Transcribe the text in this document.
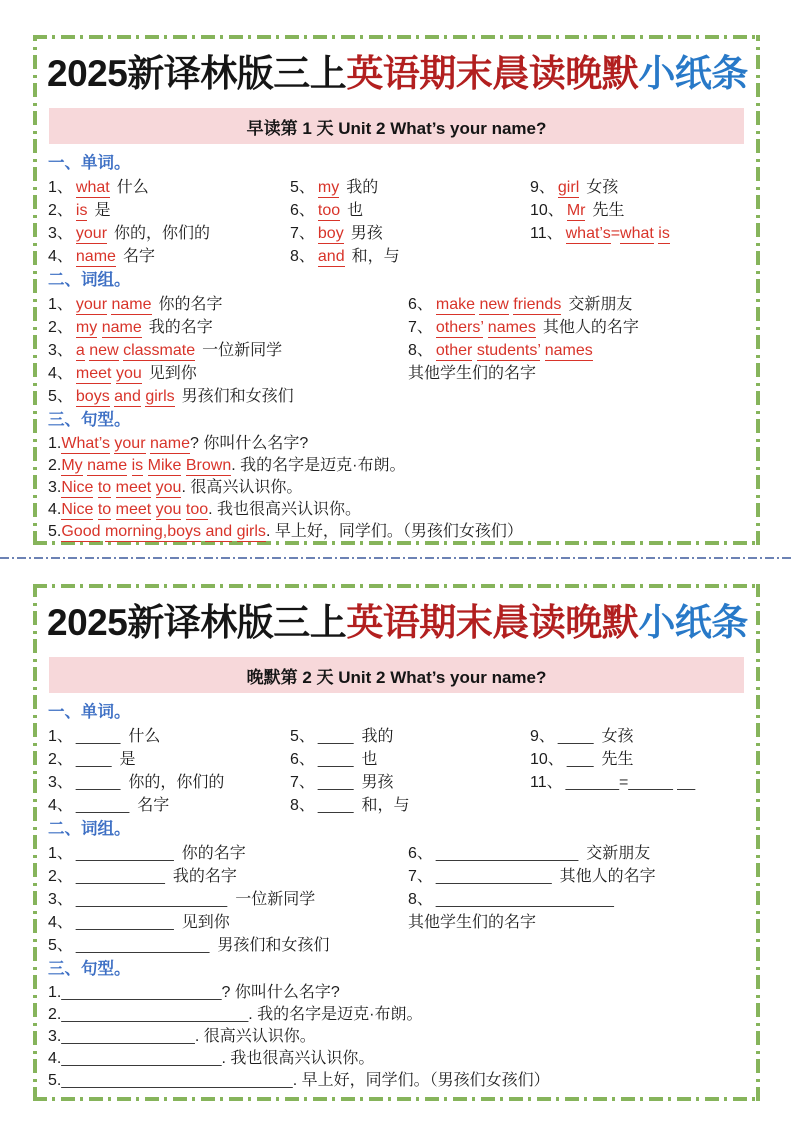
2025新译林版三上英语期末晨读晚默小纸条
早读第 1 天 Unit 2 What’s your name?
一、单词。
1、 what 什么
2、 is 是
3、 your 你的，你们的
4、 name 名字
5、 my 我的
6、 too 也
7、 boy 男孩
8、 and 和，与
9、 girl 女孩
10、 Mr 先生
11、 what’s=what is
二、词组。
1、 your name 你的名字
2、 my name 我的名字
3、 a new classmate 一位新同学
4、 meet you 见到你
5、 boys and girls 男孩们和女孩们
6、 make new friends 交新朋友
7、 others’ names 其他人的名字
8、 other students’ names
其他学生们的名字
三、句型。
1.What’s your name? 你叫什么名字?
2.My name is Mike Brown. 我的名字是迈克·布朗。
3.Nice to meet you. 很高兴认识你。
4.Nice to meet you too. 我也很高兴认识你。
5.Good morning,boys and girls. 早上好，同学们。（男孩们女孩们）
2025新译林版三上英语期末晨读晚默小纸条
晚默第 2 天 Unit 2 What’s your name?
一、单词。
1、 _____ 什么
2、 ____ 是
3、 _____ 你的，你们的
4、 ______ 名字
5、 ____ 我的
6、 ____ 也
7、 ____ 男孩
8、 ____ 和，与
9、 ____ 女孩
10、 ___ 先生
11、 ______=_____ __
二、词组。
1、 ___________ 你的名字
2、 __________ 我的名字
3、 _________________ 一位新同学
4、 ___________ 见到你
5、 _______________ 男孩们和女孩们
6、 ________________ 交新朋友
7、 _____________ 其他人的名字
8、 ____________________
其他学生们的名字
三、句型。
1.__________________? 你叫什么名字?
2._____________________. 我的名字是迈克·布朗。
3._______________. 很高兴认识你。
4.__________________. 我也很高兴认识你。
5.__________________________. 早上好，同学们。（男孩们女孩们）
